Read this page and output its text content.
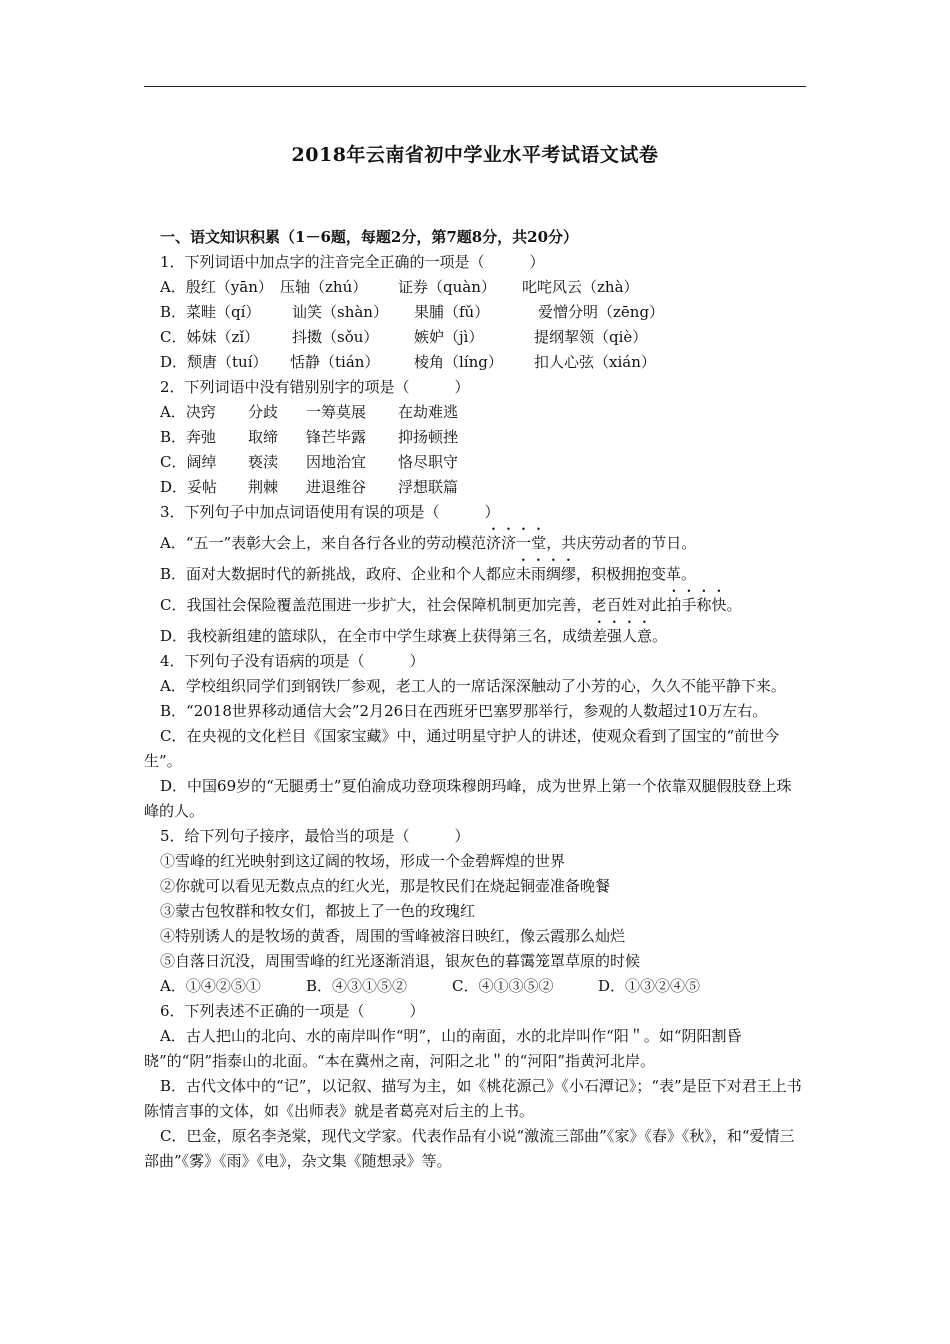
2018年云南省初中学业水平考试语文试卷

一、语文知识积累（1－6题，每题2分，第7题8分，共20分）

1．下列词语中加点字的注音完全正确的一项是（　　　）

A．殷红（yān） 压轴（zhú） 证券（quàn） 叱咤风云（zhà）

B．菜畦（qí） 讪笑（shàn） 果脯（fǔ）	爱憎分明（zēng）

C．姊妹（zǐ） 抖擞（sǒu） 嫉妒（jì）	提纲挈领（qiè）

D．颓唐（tuí） 恬静（tián） 棱角（líng） 扣人心弦（xián）

2．下列词语中没有错别别字的项是（　　　）

A．决窍 分歧 一筹莫展 在劫难逃

B．奔弛 取缔 锋芒毕露 抑扬顿挫

C．阔绰 亵渎 因地治宜 恪尽职守

D．妥帖 荆棘 进退维谷 浮想联篇

3．下列句子中加点词语使用有误的项是（　　　）

A．“五一”表彰大会上，来自各行各业的劳动模范济济一堂，共庆劳动者的节日。

B．面对大数据时代的新挑战，政府、企业和个人都应未雨绸缪，积极拥抱变革。

C．我国社会保险覆盖范围进一步扩大，社会保障机制更加完善，老百姓对此拍手称快。

D．我校新组建的篮球队，在全市中学生球赛上获得第三名，成绩差强人意。

4．下列句子没有语病的项是（　　　）

A．学校组织同学们到钢铁厂参观，老工人的一席话深深触动了小芳的心，久久不能平静下来。

B．“2018世界移动通信大会”2月26日在西班牙巴塞罗那举行，参观的人数超过10万左右。

C．在央视的文化栏目《国家宝藏》中，通过明星守护人的讲述，使观众看到了国宝的“前世今生”。

D．中国69岁的“无腿勇士”夏伯渝成功登项珠穆朗玛峰，成为世界上第一个依靠双腿假肢登上珠峰的人。

5．给下列句子接序，最恰当的项是（　　　）

①雪峰的红光映射到这辽阔的牧场，形成一个金碧辉煌的世界

②你就可以看见无数点点的红火光，那是牧民们在烧起铜壶准备晚餐

③蒙古包牧群和牧女们，都披上了一色的玫瑰红

④特别诱人的是牧场的黄香，周围的雪峰被溶日映红，像云霞那么灿烂

⑤自落日沉没，周围雪峰的红光逐渐消退，银灰色的暮霭笼罩草原的时候

A．①④②⑤①	B．④③①⑤②	C．④①③⑤②	D．①③②④⑤

6．下列表述不正确的一项是（　　　）

A．古人把山的北向、水的南岸叫作“明”，山的南面，水的北岸叫作“阳＂。如“阴阳割昏晓”的“阴”指泰山的北面。“本在冀州之南，河阳之北＂的“河阳”指黄河北岸。

B．古代文体中的“记”，以记叙、描写为主，如《桃花源己》《小石潭记》；“表”是臣下对君王上书陈情言事的文体，如《出师表》就是者葛亮对后主的上书。

C．巴金，原名李尧棠，现代文学家。代表作品有小说“激流三部曲”《家》《春》《秋》，和“爱情三部曲”《雾》《雨》《电》，杂文集《随想录》等。
